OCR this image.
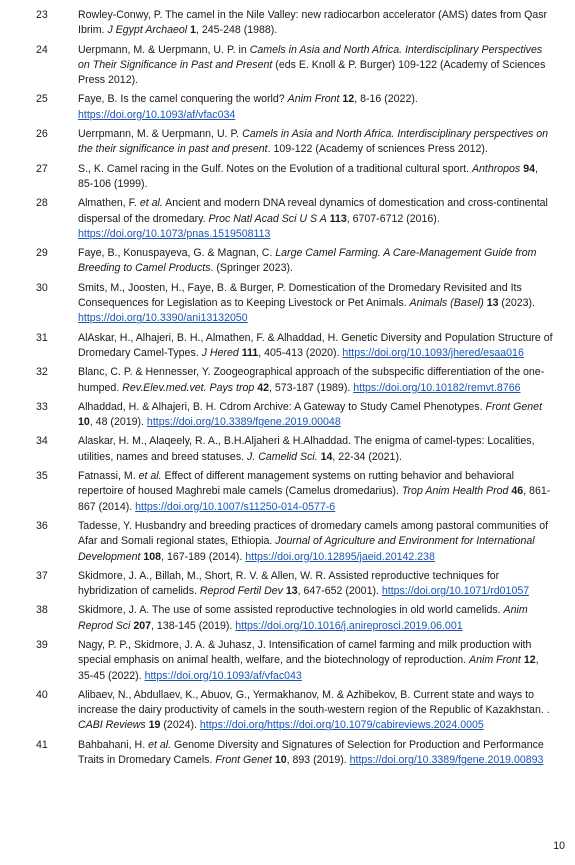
23	Rowley-Conwy, P. The camel in the Nile Valley: new radiocarbon accelerator (AMS) dates from Qasr Ibrim. J Egypt Archaeol 1, 245-248 (1988).
24	Uerpmann, M. & Uerpmann, U. P. in Camels in Asia and North Africa. Interdisciplinary Perspectives on Their Significance in Past and Present (eds E. Knoll & P. Burger) 109-122 (Academy of Sciences Press 2012).
25	Faye, B. Is the camel conquering the world? Anim Front 12, 8-16 (2022). https://doi.org/10.1093/af/vfac034
26	Uerrpmann, M. & Uerpmann, U. P. Camels in Asia and North Africa. Interdisciplinary perspectives on the their significance in past and present. 109-122 (Academy of scniences Press 2012).
27	S., K. Camel racing in the Gulf. Notes on the Evolution of a traditional cultural sport. Anthropos 94, 85-106 (1999).
28	Almathen, F. et al. Ancient and modern DNA reveal dynamics of domestication and cross-continental dispersal of the dromedary. Proc Natl Acad Sci U S A 113, 6707-6712 (2016). https://doi.org/10.1073/pnas.1519508113
29	Faye, B., Konuspayeva, G. & Magnan, C. Large Camel Farming. A Care-Management Guide from Breeding to Camel Products. (Springer 2023).
30	Smits, M., Joosten, H., Faye, B. & Burger, P. Domestication of the Dromedary Revisited and Its Consequences for Legislation as to Keeping Livestock or Pet Animals. Animals (Basel) 13 (2023). https://doi.org/10.3390/ani13132050
31	AlAskar, H., Alhajeri, B. H., Almathen, F. & Alhaddad, H. Genetic Diversity and Population Structure of Dromedary Camel-Types. J Hered 111, 405-413 (2020). https://doi.org/10.1093/jhered/esaa016
32	Blanc, C. P. & Hennesser, Y. Zoogeographical approach of the subspecific differentiation of the one-humped. Rev.Elev.med.vet. Pays trop 42, 573-187 (1989). https://doi.org/10.10182/remvt.8766
33	Alhaddad, H. & Alhajeri, B. H. Cdrom Archive: A Gateway to Study Camel Phenotypes. Front Genet 10, 48 (2019). https://doi.org/10.3389/fgene.2019.00048
34	Alaskar, H. M., Alaqeely, R. A., B.H.Aljaheri & H.Alhaddad. The enigma of camel-types: Localities, utilities, names and breed statuses. J. Camelid Sci. 14, 22-34 (2021).
35	Fatnassi, M. et al. Effect of different management systems on rutting behavior and behavioral repertoire of housed Maghrebi male camels (Camelus dromedarius). Trop Anim Health Prod 46, 861-867 (2014). https://doi.org/10.1007/s11250-014-0577-6
36	Tadesse, Y. Husbandry and breeding practices of dromedary camels among pastoral communities of Afar and Somali regional states, Ethiopia. Journal of Agriculture and Environment for International Development 108, 167-189 (2014). https://doi.org/10.12895/jaeid.20142.238
37	Skidmore, J. A., Billah, M., Short, R. V. & Allen, W. R. Assisted reproductive techniques for hybridization of camelids. Reprod Fertil Dev 13, 647-652 (2001). https://doi.org/10.1071/rd01057
38	Skidmore, J. A. The use of some assisted reproductive technologies in old world camelids. Anim Reprod Sci 207, 138-145 (2019). https://doi.org/10.1016/j.anireprosci.2019.06.001
39	Nagy, P. P., Skidmore, J. A. & Juhasz, J. Intensification of camel farming and milk production with special emphasis on animal health, welfare, and the biotechnology of reproduction. Anim Front 12, 35-45 (2022). https://doi.org/10.1093/af/vfac043
40	Alibaev, N., Abdullaev, K., Abuov, G., Yermakhanov, M. & Azhibekov, B. Current state and ways to increase the dairy productivity of camels in the south-western region of the Republic of Kazakhstan. . CABI Reviews 19 (2024). https://doi.org/https://doi.org/10.1079/cabireviews.2024.0005
41	Bahbahani, H. et al. Genome Diversity and Signatures of Selection for Production and Performance Traits in Dromedary Camels. Front Genet 10, 893 (2019). https://doi.org/10.3389/fgene.2019.00893
10
